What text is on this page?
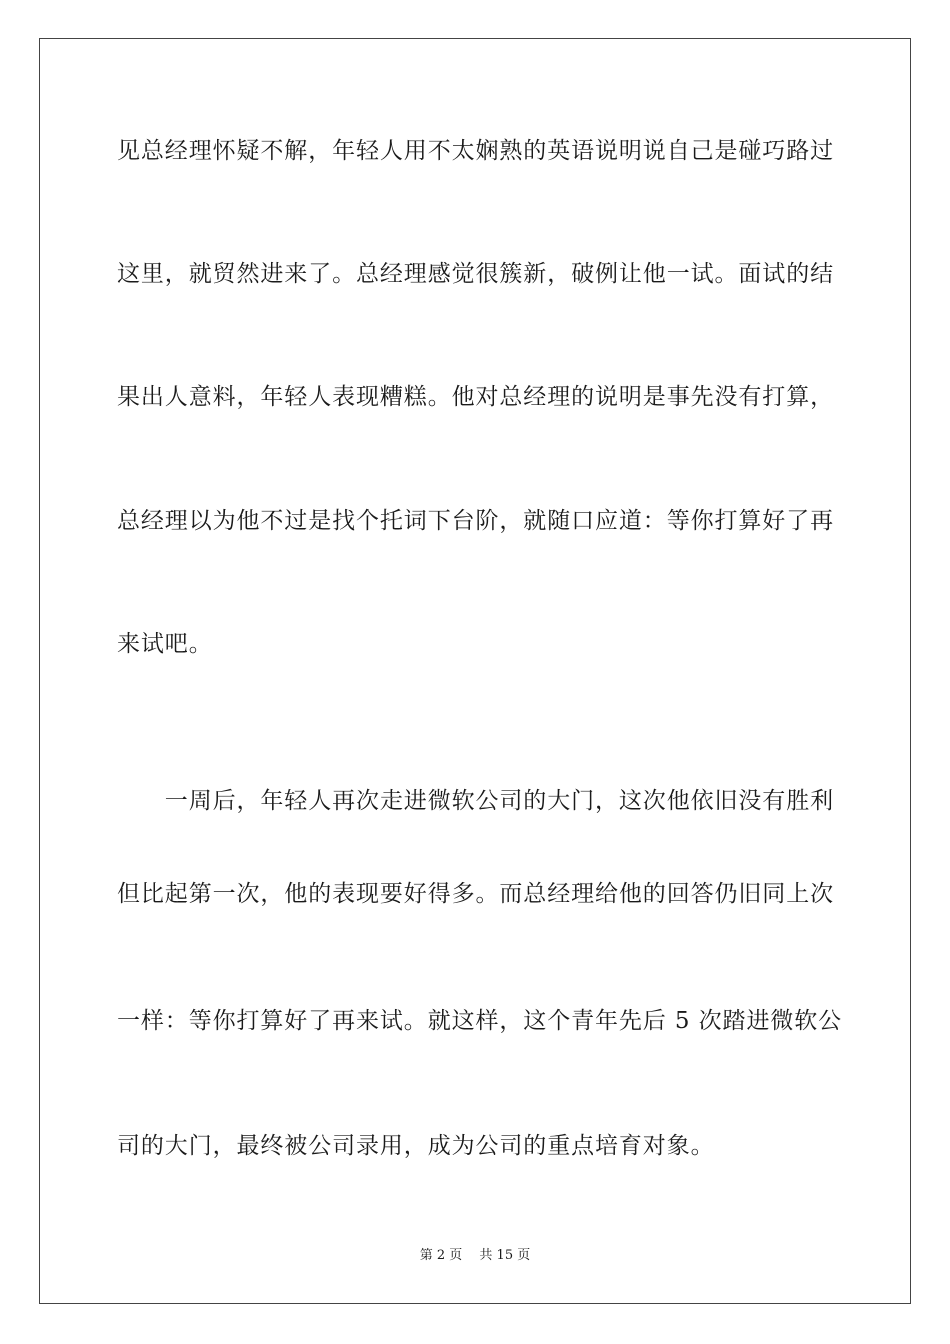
见总经理怀疑不解，年轻人用不太娴熟的英语说明说自己是碰巧路过
这里，就贸然进来了。总经理感觉很簇新，破例让他一试。面试的结
果出人意料，年轻人表现糟糕。他对总经理的说明是事先没有打算，
总经理以为他不过是找个托词下台阶，就随口应道：等你打算好了再
来试吧。
　　一周后，年轻人再次走进微软公司的大门，这次他依旧没有胜利
但比起第一次，他的表现要好得多。而总经理给他的回答仍旧同上次
一样：等你打算好了再来试。就这样，这个青年先后 5 次踏进微软公
司的大门，最终被公司录用，成为公司的重点培育对象。
第 2 页　 共 15 页
